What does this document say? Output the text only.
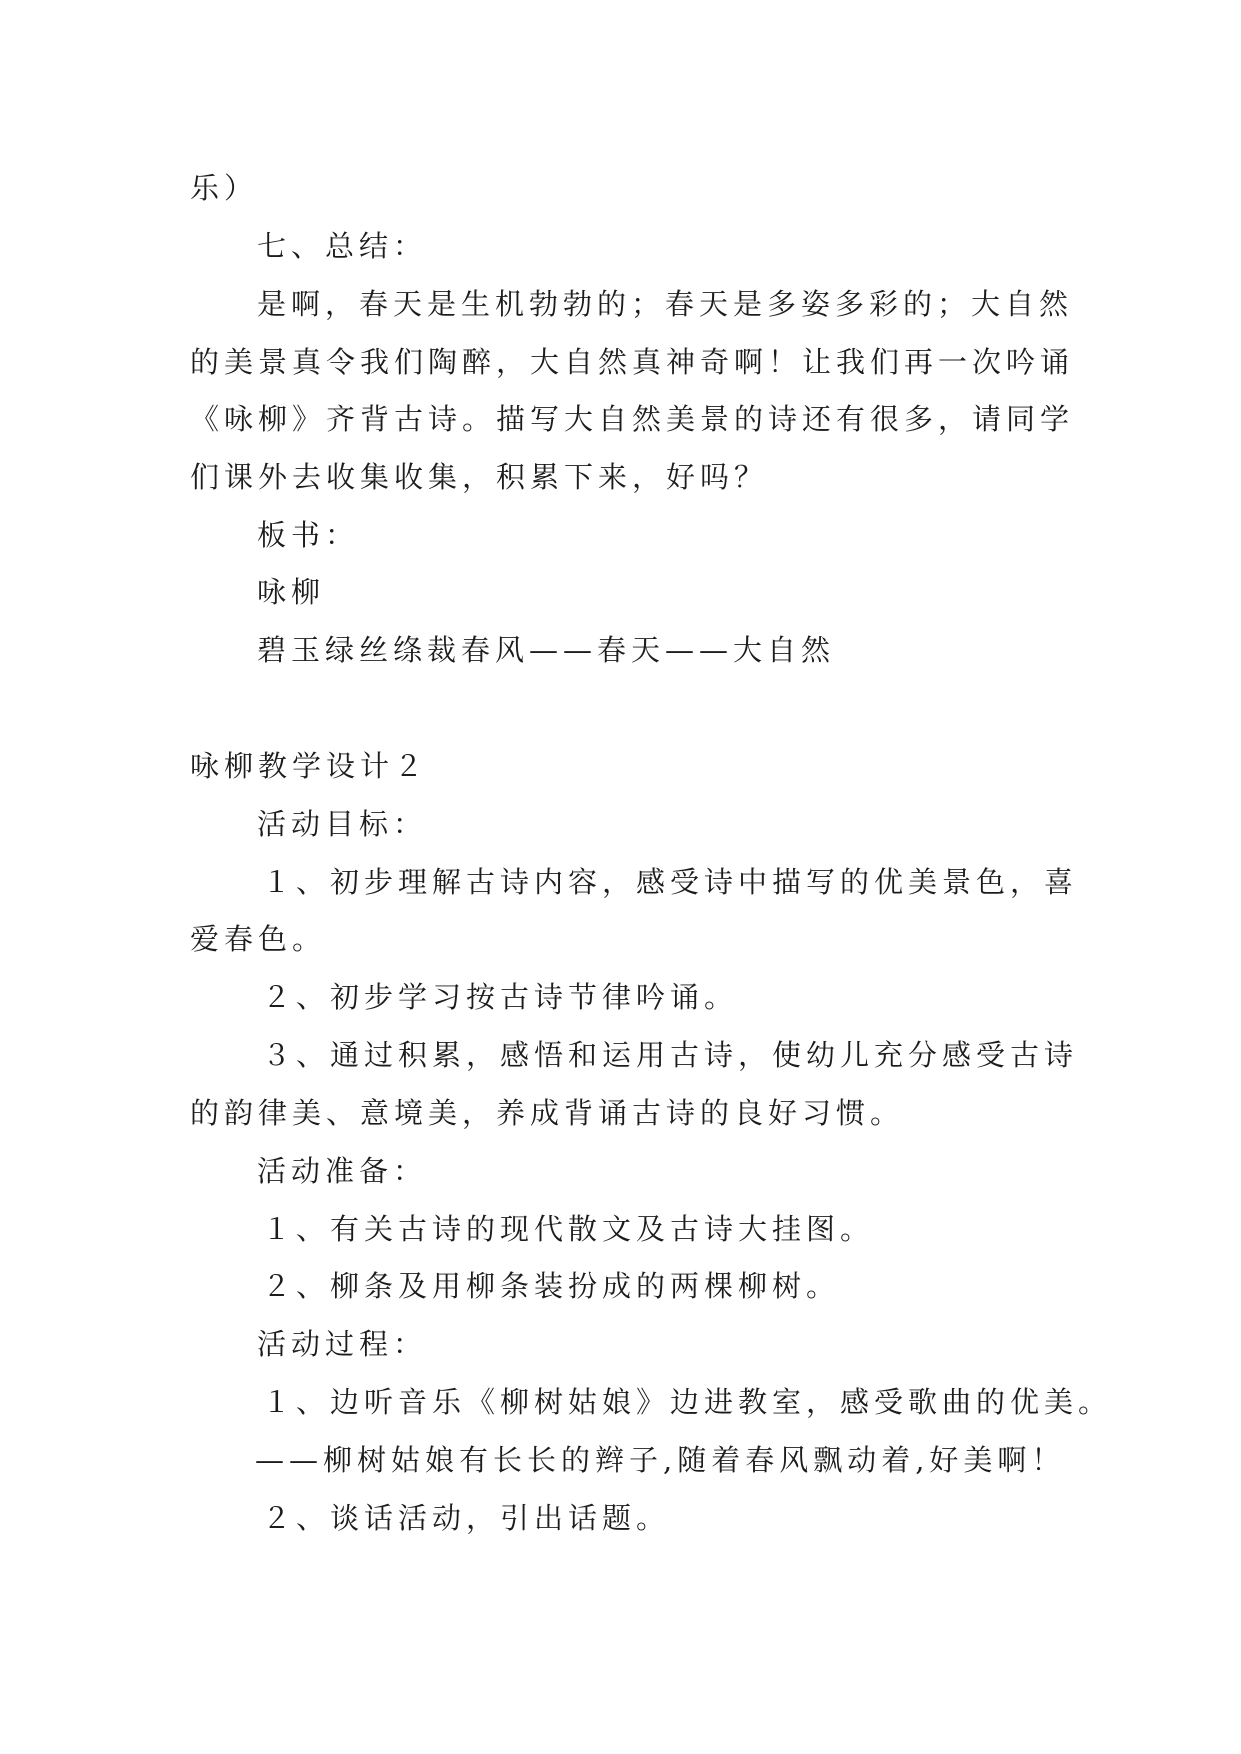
乐）
七、总结：
是啊，春天是生机勃勃的；春天是多姿多彩的；大自然
的美景真令我们陶醉，大自然真神奇啊！让我们再一次吟诵
《咏柳》齐背古诗。描写大自然美景的诗还有很多，请同学
们课外去收集收集，积累下来，好吗？
板书：
咏柳
碧玉绿丝绦裁春风——春天——大自然
咏柳教学设计２
活动目标：
１、初步理解古诗内容，感受诗中描写的优美景色，喜
爱春色。
２、初步学习按古诗节律吟诵。
３、通过积累，感悟和运用古诗，使幼儿充分感受古诗
的韵律美、意境美，养成背诵古诗的良好习惯。
活动准备：
１、有关古诗的现代散文及古诗大挂图。
２、柳条及用柳条装扮成的两棵柳树。
活动过程：
１、边听音乐《柳树姑娘》边进教室，感受歌曲的优美。
——柳树姑娘有长长的辫子,随着春风飘动着,好美啊！
２、谈话活动，引出话题。
